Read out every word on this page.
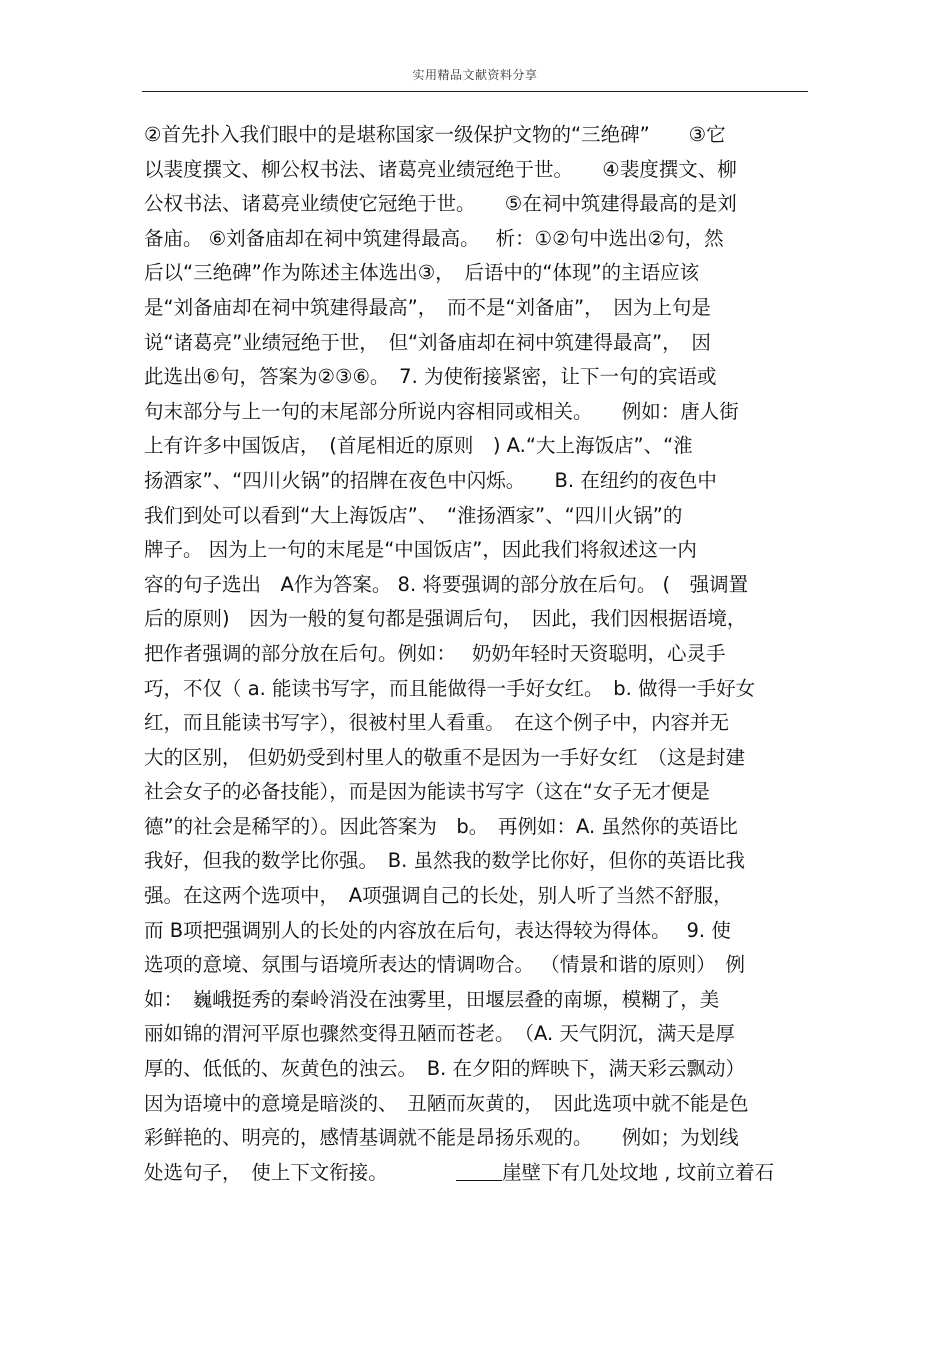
实用精品文献资料分享
②首先扑入我们眼中的是堪称国家一级保护文物的“三绝碑”　　③它
以裴度撰文、柳公权书法、诸葛亮业绩冠绝于世。　　④裴度撰文、柳
公权书法、诸葛亮业绩使它冠绝于世。　　⑤在祠中筑建得最高的是刘
备庙。 ⑥刘备庙却在祠中筑建得最高。　 析：①②句中选出②句，然
后以“三绝碑”作为陈述主体选出③，　后语中的“体现”的主语应该
是“刘备庙却在祠中筑建得最高”，　而不是“刘备庙”，　因为上句是
说“诸葛亮”业绩冠绝于世，　但“刘备庙却在祠中筑建得最高”，　因
此选出⑥句，答案为②③⑥。　7. 为使衔接紧密，让下一句的宾语或
句末部分与上一句的末尾部分所说内容相同或相关。　　例如：唐人街
上有许多中国饭店，　(首尾相近的原则　) A.“大上海饭店”、“淮
扬酒家”、“四川火锅”的招牌在夜色中闪烁。　　B. 在纽约的夜色中
我们到处可以看到“大上海饭店”、　“淮扬酒家”、“四川火锅”的
牌子。 因为上一句的末尾是“中国饭店”，因此我们将叙述这一内
容的句子选出　A作为答案。 8. 将要强调的部分放在后句。 (　强调置
后的原则)　因为一般的复句都是强调后句，　因此，我们因根据语境，
把作者强调的部分放在后句。例如：　 奶奶年轻时天资聪明，心灵手
巧，不仅（ a. 能读书写字，而且能做得一手好女红。　b. 做得一手好女
红，而且能读书写字），很被村里人看重。　在这个例子中，内容并无
大的区别， 但奶奶受到村里人的敬重不是因为一手好女红　（这是封建
社会女子的必备技能），而是因为能读书写字（这在“女子无才便是
德”的社会是稀罕的）。因此答案为　b。　再例如：A. 虽然你的英语比
我好，但我的数学比你强。　B. 虽然我的数学比你好，但你的英语比我
强。在这两个选项中，　A项强调自己的长处，别人听了当然不舒服，
而 B项把强调别人的长处的内容放在后句，表达得较为得体。　 9. 使
选项的意境、氛围与语境所表达的情调吻合。 （情景和谐的原则）　例
如：　巍峨挺秀的秦岭消没在浊雾里，田堰层叠的南塬，模糊了，美
丽如锦的渭河平原也骤然变得丑陋而苍老。　（A. 天气阴沉，满天是厚
厚的、低低的、灰黄色的浊云。　B. 在夕阳的辉映下，满天彩云飘动）
因为语境中的意境是暗淡的、　丑陋而灰黄的，　因此选项中就不能是色
彩鲜艳的、明亮的，感情基调就不能是昂扬乐观的。　　例如；为划线
处选句子，　使上下文衔接。　　　　崖壁下有几处坟地 , 坟前立着石
